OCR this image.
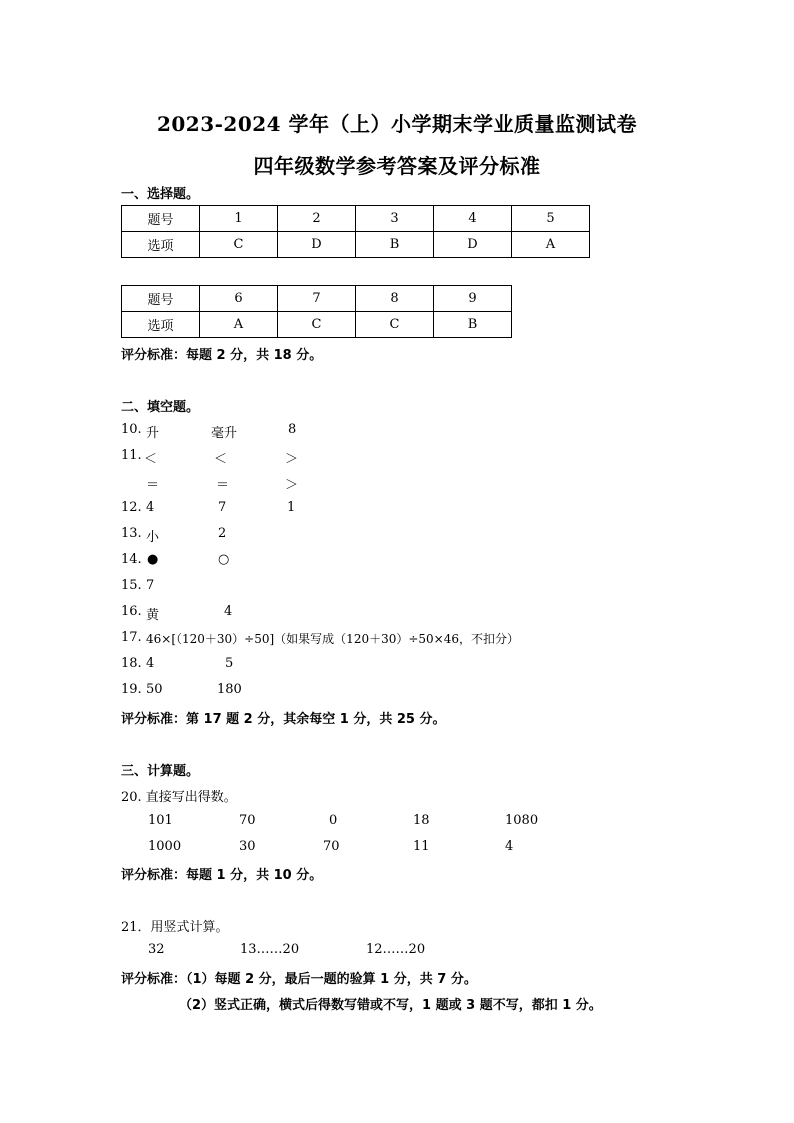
2023-2024 学年（上）小学期末学业质量监测试卷
四年级数学参考答案及评分标准
一、选择题。
题号	1	2	3	4	5
选项	C	D	B	D	A
题号	6	7	8	9
选项	A	C	C	B
评分标准：每题 2 分，共 18 分。
二、填空题。
10. 升	毫升	8
11. ＜	＜	＞
＝	＝	＞
12. 4	7	1
13. 小	2
14. ●	○
15. 7
16. 黄	4
17. 46×[（120＋30）÷50]（如果写成（120＋30）÷50×46，不扣分）
18. 4	5
19. 50	180
评分标准：第 17 题 2 分，其余每空 1 分，共 25 分。
三、计算题。
20. 直接写出得数。
101	70	0	18	1080
1000	30	70	11	4
评分标准：每题 1 分，共 10 分。
21．用竖式计算。
32	13……20	12……20
评分标准：（1）每题 2 分，最后一题的验算 1 分，共 7 分。
（2）竖式正确，横式后得数写错或不写，1 题或 3 题不写，都扣 1 分。
